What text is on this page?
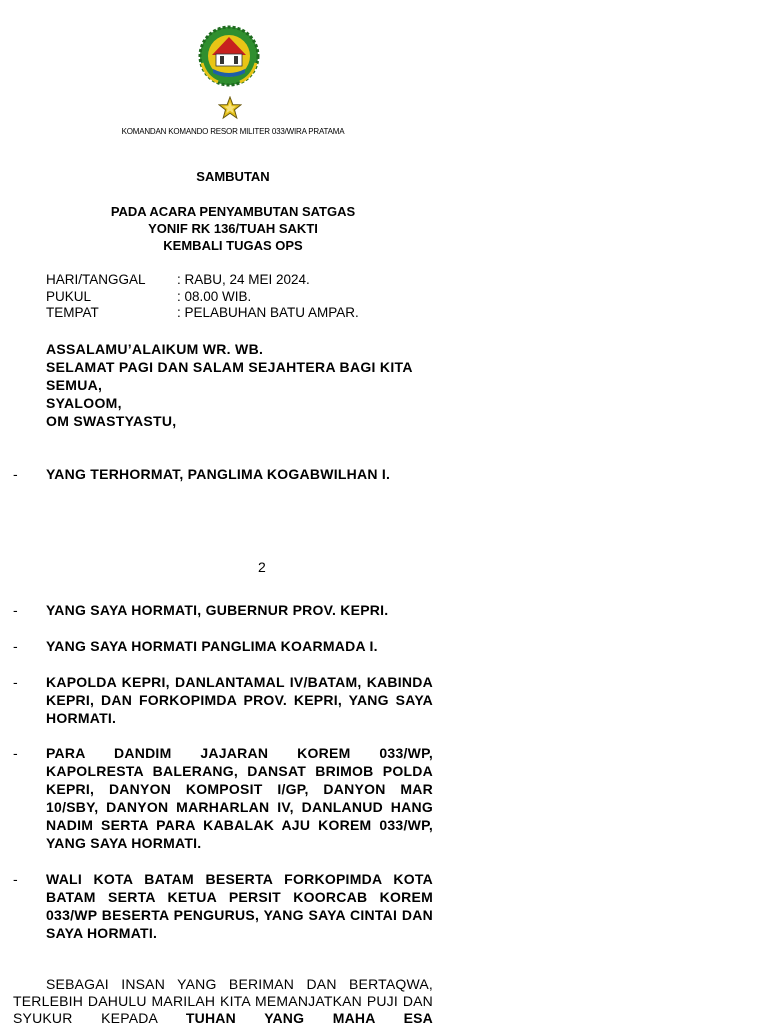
KOMANDAN KOMANDO RESOR MILITER 033/WIRA PRATAMA
SAMBUTAN
PADA ACARA PENYAMBUTAN SATGAS
YONIF RK 136/TUAH SAKTI
KEMBALI TUGAS OPS
HARI/TANGGAL	: RABU, 24 MEI 2024.
PUKUL	: 08.00 WIB.
TEMPAT	: PELABUHAN BATU AMPAR.
ASSALAMU’ALAIKUM WR. WB.
SELAMAT PAGI DAN SALAM SEJAHTERA BAGI KITA SEMUA,
SYALOOM,
OM SWASTYASTU,
-	YANG TERHORMAT, PANGLIMA KOGABWILHAN I.
2
-	YANG SAYA HORMATI, GUBERNUR PROV. KEPRI.
-	YANG SAYA HORMATI PANGLIMA KOARMADA I.
-	KAPOLDA KEPRI, DANLANTAMAL IV/BATAM, KABINDA KEPRI, DAN FORKOPIMDA PROV. KEPRI, YANG SAYA HORMATI.
-	PARA DANDIM JAJARAN KOREM 033/WP, KAPOLRESTA BALERANG, DANSAT BRIMOB POLDA KEPRI, DANYON KOMPOSIT I/GP, DANYON MAR 10/SBY, DANYON MARHARLAN IV, DANLANUD HANG NADIM SERTA PARA KABALAK AJU KOREM 033/WP, YANG SAYA HORMATI.
-	WALI KOTA BATAM BESERTA FORKOPIMDA KOTA BATAM SERTA KETUA PERSIT KOORCAB KOREM 033/WP BESERTA PENGURUS, YANG SAYA CINTAI DAN SAYA HORMATI.
SEBAGAI INSAN YANG BERIMAN DAN BERTAQWA, TERLEBIH DAHULU MARILAH KITA MEMANJATKAN PUJI DAN SYUKUR KEPADA TUHAN YANG MAHA ESA
